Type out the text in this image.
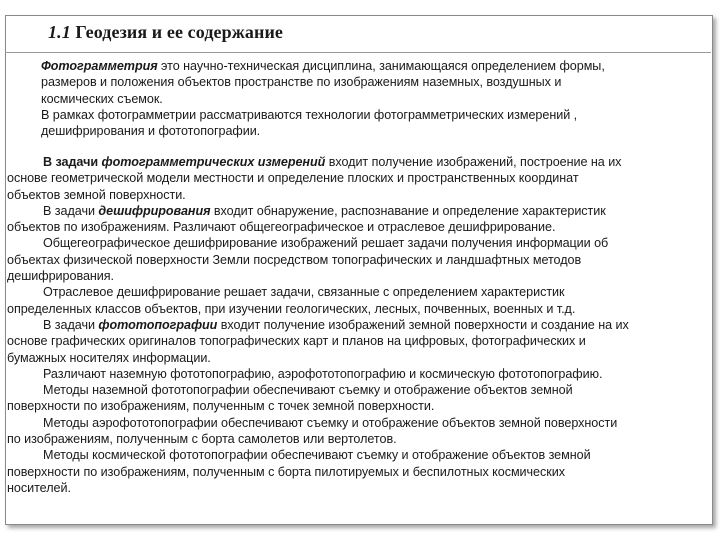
1.1 Геодезия и ее содержание

Фотограмметрия это научно-техническая дисциплина, занимающаяся определением формы,

размеров и положения объектов пространстве по изображениям наземных, воздушных и

космических съемок.

В рамках фотограмметрии рассматриваются технологии фотограмметрических измерений ,

дешифрирования и фототопографии.

В задачи фотограмметрических измерений входит получение изображений, построение на их

основе геометрической модели местности и определение плоских и пространственных координат

объектов земной поверхности.

В задачи дешифрирования входит обнаружение, распознавание и определение характеристик

объектов по изображениям. Различают общегеографическое и отраслевое дешифрирование.

Общегеографическое дешифрирование изображений решает задачи получения информации об

объектах физической поверхности Земли посредством топографических и ландшафтных методов

дешифрирования.

Отраслевое дешифрирование решает задачи, связанные с определением характеристик

определенных классов объектов, при изучении геологических, лесных, почвенных, военных и т.д.

В задачи фототопографии входит получение изображений земной поверхности и создание на их

основе графических оригиналов топографических карт и планов на цифровых, фотографических и

бумажных носителях информации.

Различают наземную фототопографию, аэрофототопографию и космическую фототопографию.

Методы наземной фототопографии обеспечивают съемку и отображение объектов земной

поверхности по изображениям, полученным с точек земной поверхности.

Методы аэрофототопографии обеспечивают съемку и отображение объектов земной поверхности

по изображениям, полученным с борта самолетов или вертолетов.

Методы космической фототопографии обеспечивают съемку и отображение объектов земной

поверхности по изображениям, полученным с борта пилотируемых и беспилотных космических

носителей.
